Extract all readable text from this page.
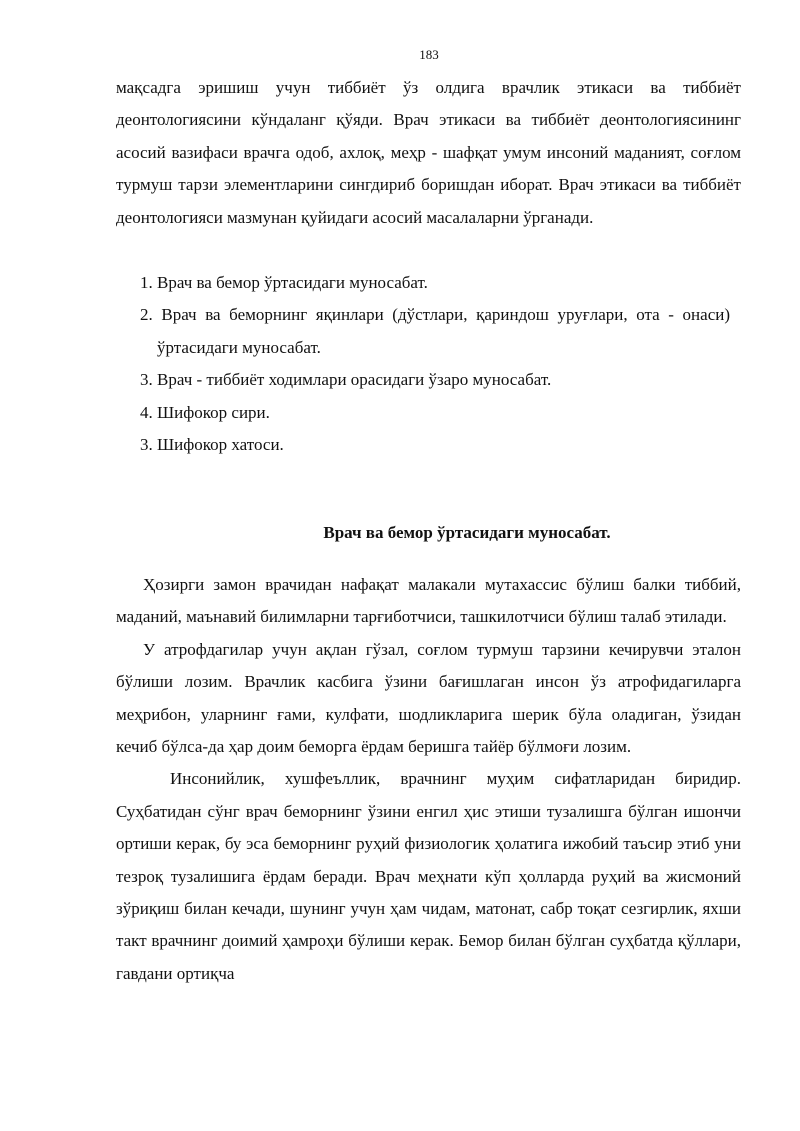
183

мақсадга эришиш учун тиббиёт ўз олдига врачлик этикаси ва тиббиёт деонтологиясини кўндаланг қўяди. Врач этикаси ва тиббиёт деонтологиясининг асосий вазифаси врачга одоб, ахлоқ, меҳр - шафқат умум инсоний маданият, соғлом турмуш тарзи элементларини сингдириб боришдан иборат. Врач этикаси ва тиббиёт деонтологияси мазмунан қуйидаги асосий масалаларни ўрганади.

1. Врач ва бемор ўртасидаги муносабат.

2. Врач ва беморнинг яқинлари (дўстлари, қариндош уруғлари, ота - онаси) ўртасидаги муносабат.

3. Врач - тиббиёт ходимлари орасидаги ўзаро муносабат.

4. Шифокор сири.

3. Шифокор хатоси.

Врач ва бемор ўртасидаги муносабат.

Ҳозирги замон врачидан нафақат малакали мутахассис бўлиш балки тиббий, маданий, маънавий билимларни тарғиботчиси, ташкилотчиси бўлиш талаб этилади.

У атрофдагилар учун ақлан гўзал, соғлом турмуш тарзини кечирувчи эталон бўлиши лозим. Врачлик касбига ўзини бағишлаган инсон ўз атрофидагиларга меҳрибон, уларнинг ғами, кулфати, шодликларига шерик бўла оладиган, ўзидан кечиб бўлса-да ҳар доим беморга ёрдам беришга тайёр бўлмоғи лозим.

Инсонийлик, хушфеъллик, врачнинг муҳим сифатларидан биридир. Суҳбатидан сўнг врач беморнинг ўзини енгил ҳис этиши тузалишга бўлган ишончи ортиши керак, бу эса беморнинг руҳий физиологик ҳолатига ижобий таъсир этиб уни тезроқ тузалишига ёрдам беради. Врач меҳнати кўп ҳолларда руҳий ва жисмоний зўриқиш билан кечади, шунинг учун ҳам чидам, матонат, сабр тоқат сезгирлик, яхши такт врачнинг доимий ҳамроҳи бўлиши керак. Бемор билан бўлган суҳбатда қўллари, гавдани ортиқча
